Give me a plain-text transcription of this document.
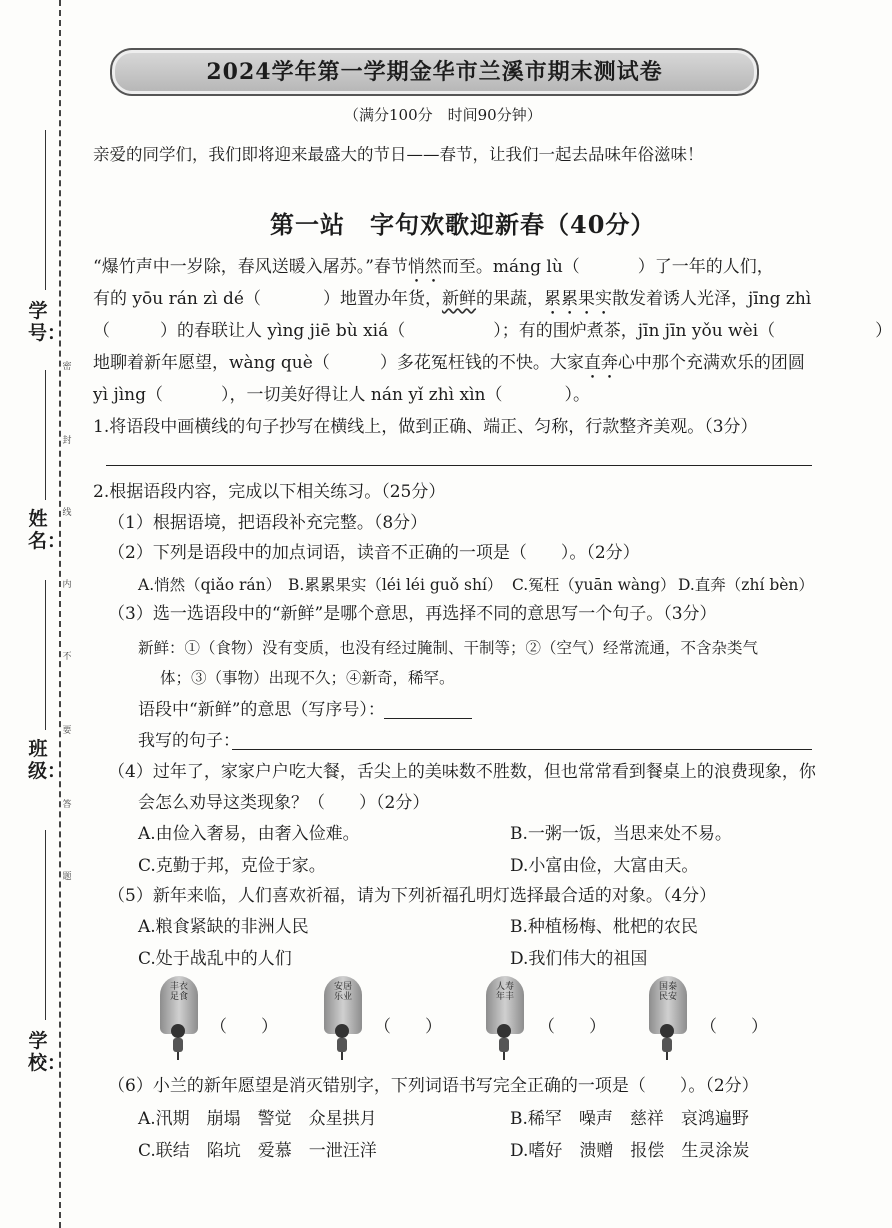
学号：
姓名：
班级：
学校：
密
封
线
内
不
要
答
题
2024学年第一学期金华市兰溪市期末测试卷
（满分100分　时间90分钟）
亲爱的同学们，我们即将迎来最盛大的节日——春节，让我们一起去品味年俗滋味！
第一站　字句欢歌迎新春（40分）
“爆竹声中一岁除，春风送暖入屠苏。”春节悄然而至。máng lù（	）了一年的人们，
有的 yōu rán zì dé（	）地置办年货，新鲜的果蔬，累累果实散发着诱人光泽，jīng zhì
（	）的春联让人 yìng jiē bù xiá（	）；有的围炉煮茶，jīn jīn yǒu wèi（	）
地聊着新年愿望，wàng què（	）多花冤枉钱的不快。大家直奔心中那个充满欢乐的团圆
yì jìng（	），一切美好得让人 nán yǐ zhì xìn（	）。
1.将语段中画横线的句子抄写在横线上，做到正确、端正、匀称，行款整齐美观。（3分）
2.根据语段内容，完成以下相关练习。（25分）
（1）根据语境，把语段补充完整。（8分）
（2）下列是语段中的加点词语，读音不正确的一项是（　　）。（2分）
A.悄然（qiǎo rán） B.累累果实（léi léi guǒ shí） C.冤枉（yuān wàng） D.直奔（zhí bèn）
（3）选一选语段中的“新鲜”是哪个意思，再选择不同的意思写一个句子。（3分）
新鲜：①（食物）没有变质，也没有经过腌制、干制等；②（空气）经常流通，不含杂类气
体；③（事物）出现不久；④新奇，稀罕。
语段中“新鲜”的意思（写序号）：
我写的句子：
（4）过年了，家家户户吃大餐，舌尖上的美味数不胜数，但也常常看到餐桌上的浪费现象，你
会怎么劝导这类现象？（　　）（2分）
A.由俭入奢易，由奢入俭难。	B.一粥一饭，当思来处不易。
C.克勤于邦，克俭于家。	D.小富由俭，大富由天。
（5）新年来临，人们喜欢祈福，请为下列祈福孔明灯选择最合适的对象。（4分）
A.粮食紧缺的非洲人民	B.种植杨梅、枇杷的农民
C.处于战乱中的人们	D.我们伟大的祖国
丰衣足食
（　　）
安居乐业
（　　）
人寿年丰
（　　）
国泰民安
（　　）
（6）小兰的新年愿望是消灭错别字，下列词语书写完全正确的一项是（　　）。（2分）
A.汛期　崩塌　警觉　众星拱月	B.稀罕　噪声　慈祥　哀鸿遍野
C.联结　陷坑　爱慕　一泄汪洋	D.嗜好　溃赠　报偿　生灵涂炭
